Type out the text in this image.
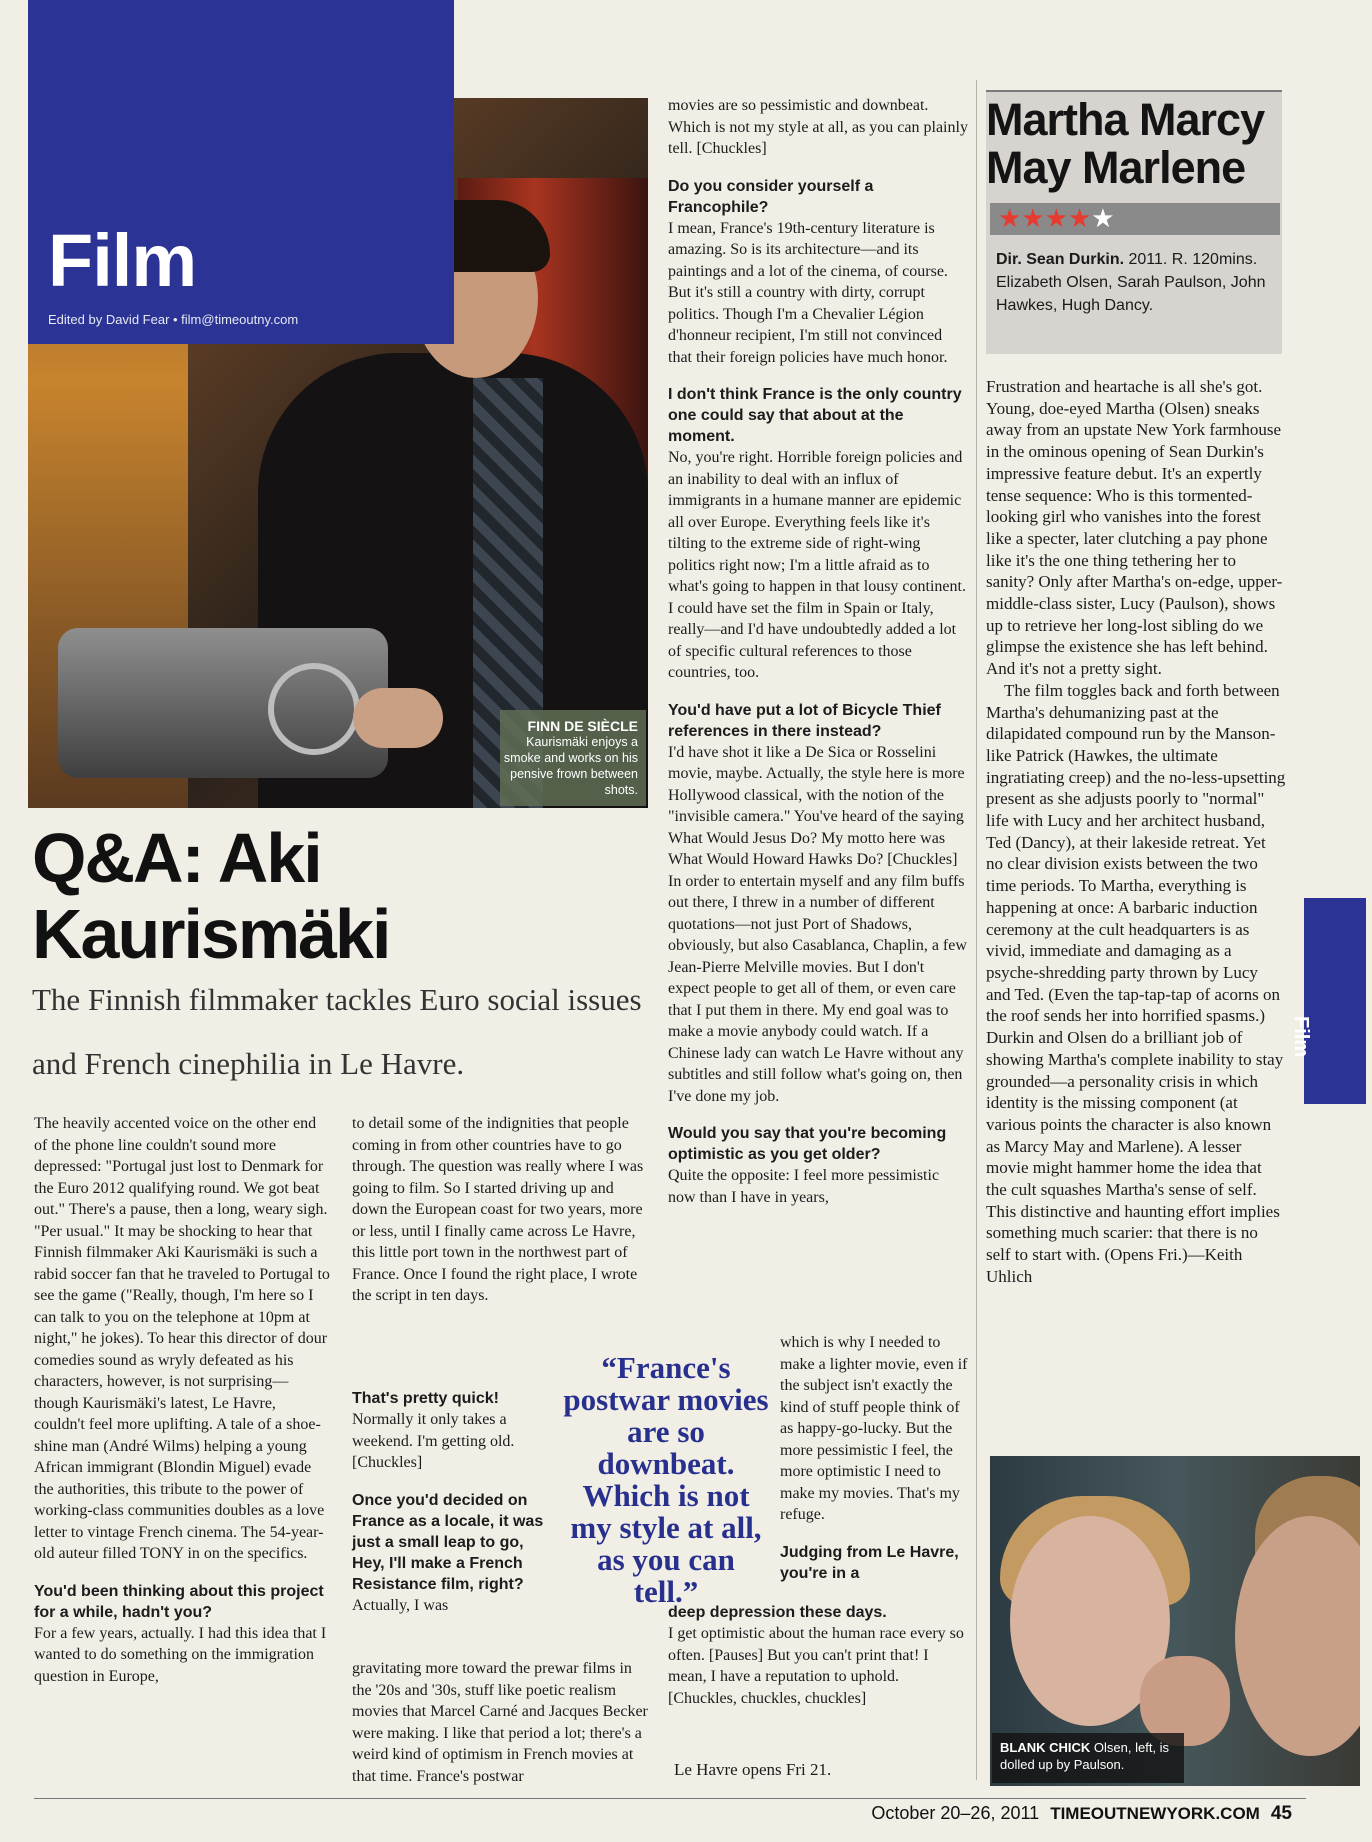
Film
Edited by David Fear • film@timeoutny.com
FINN DE SIÈCLE
Kaurismäki enjoys a smoke and works on his pensive frown between shots.
Q&A: Aki Kaurismäki
The Finnish filmmaker tackles Euro social issues and French cinephilia in Le Havre.

The heavily accented voice on the other end of the phone line couldn't sound more depressed: "Portugal just lost to Denmark for the Euro 2012 qualifying round. We got beat out." There's a pause, then a long, weary sigh. "Per usual." It may be shocking to hear that Finnish filmmaker Aki Kaurismäki is such a rabid soccer fan that he traveled to Portugal to see the game ("Really, though, I'm here so I can talk to you on the telephone at 10pm at night," he jokes). To hear this director of dour comedies sound as wryly defeated as his characters, however, is not surprising—though Kaurismäki's latest, Le Havre, couldn't feel more uplifting. A tale of a shoe-shine man (André Wilms) helping a young African immigrant (Blondin Miguel) evade the authorities, this tribute to the power of working-class communities doubles as a love letter to vintage French cinema. The 54-year-old auteur filled TONY in on the specifics.

You'd been thinking about this project for a while, hadn't you?

For a few years, actually. I had this idea that I wanted to do something on the immigration question in Europe,

to detail some of the indignities that people coming in from other countries have to go through. The question was really where I was going to film. So I started driving up and down the European coast for two years, more or less, until I finally came across Le Havre, this little port town in the northwest part of France. Once I found the right place, I wrote the script in ten days.

That's pretty quick!

Normally it only takes a weekend. I'm getting old. [Chuckles]

Once you'd decided on France as a locale, it was just a small leap to go, Hey, I'll make a French Resistance film, right?

Actually, I was

gravitating more toward the prewar films in the '20s and '30s, stuff like poetic realism movies that Marcel Carné and Jacques Becker were making. I like that period a lot; there's a weird kind of optimism in French movies at that time. France's postwar

“France's postwar movies are so downbeat. Which is not my style at all, as you can tell.”

movies are so pessimistic and downbeat. Which is not my style at all, as you can plainly tell. [Chuckles]

Do you consider yourself a Francophile?

I mean, France's 19th-century literature is amazing. So is its architecture—and its paintings and a lot of the cinema, of course. But it's still a country with dirty, corrupt politics. Though I'm a Chevalier Légion d'honneur recipient, I'm still not convinced that their foreign policies have much honor.

I don't think France is the only country one could say that about at the moment.

No, you're right. Horrible foreign policies and an inability to deal with an influx of immigrants in a humane manner are epidemic all over Europe. Everything feels like it's tilting to the extreme side of right-wing politics right now; I'm a little afraid as to what's going to happen in that lousy continent. I could have set the film in Spain or Italy, really—and I'd have undoubtedly added a lot of specific cultural references to those countries, too.

You'd have put a lot of Bicycle Thief references in there instead?

I'd have shot it like a De Sica or Rosselini movie, maybe. Actually, the style here is more Hollywood classical, with the notion of the "invisible camera." You've heard of the saying What Would Jesus Do? My motto here was What Would Howard Hawks Do? [Chuckles] In order to entertain myself and any film buffs out there, I threw in a number of different quotations—not just Port of Shadows, obviously, but also Casablanca, Chaplin, a few Jean-Pierre Melville movies. But I don't expect people to get all of them, or even care that I put them in there. My end goal was to make a movie anybody could watch. If a Chinese lady can watch Le Havre without any subtitles and still follow what's going on, then I've done my job.

Would you say that you're becoming optimistic as you get older?

Quite the opposite: I feel more pessimistic now than I have in years,

which is why I needed to make a lighter movie, even if the subject isn't exactly the kind of stuff people think of as happy-go-lucky. But the more pessimistic I feel, the more optimistic I need to make my movies. That's my refuge.

Judging from Le Havre, you're in a

deep depression these days.

I get optimistic about the human race every so often. [Pauses] But you can't print that! I mean, I have a reputation to uphold. [Chuckles, chuckles, chuckles]

Le Havre opens Fri 21.
Martha Marcy May Marlene
★★★★★
Dir. Sean Durkin. 2011. R. 120mins. Elizabeth Olsen, Sarah Paulson, John Hawkes, Hugh Dancy.

Frustration and heartache is all she's got. Young, doe-eyed Martha (Olsen) sneaks away from an upstate New York farmhouse in the ominous opening of Sean Durkin's impressive feature debut. It's an expertly tense sequence: Who is this tormented-looking girl who vanishes into the forest like a specter, later clutching a pay phone like it's the one thing tethering her to sanity? Only after Martha's on-edge, upper-middle-class sister, Lucy (Paulson), shows up to retrieve her long-lost sibling do we glimpse the existence she has left behind. And it's not a pretty sight.

The film toggles back and forth between Martha's dehumanizing past at the dilapidated compound run by the Manson-like Patrick (Hawkes, the ultimate ingratiating creep) and the no-less-upsetting present as she adjusts poorly to "normal" life with Lucy and her architect husband, Ted (Dancy), at their lakeside retreat. Yet no clear division exists between the two time periods. To Martha, everything is happening at once: A barbaric induction ceremony at the cult headquarters is as vivid, immediate and damaging as a psyche-shredding party thrown by Lucy and Ted. (Even the tap-tap-tap of acorns on the roof sends her into horrified spasms.) Durkin and Olsen do a brilliant job of showing Martha's complete inability to stay grounded—a personality crisis in which identity is the missing component (at various points the character is also known as Marcy May and Marlene). A lesser movie might hammer home the idea that the cult squashes Martha's sense of self. This distinctive and haunting effort implies something much scarier: that there is no self to start with. (Opens Fri.)—Keith Uhlich

Film
BLANK CHICK Olsen, left, is dolled up by Paulson.
October 20–26, 2011 TIMEOUTNEWYORK.COM 45
